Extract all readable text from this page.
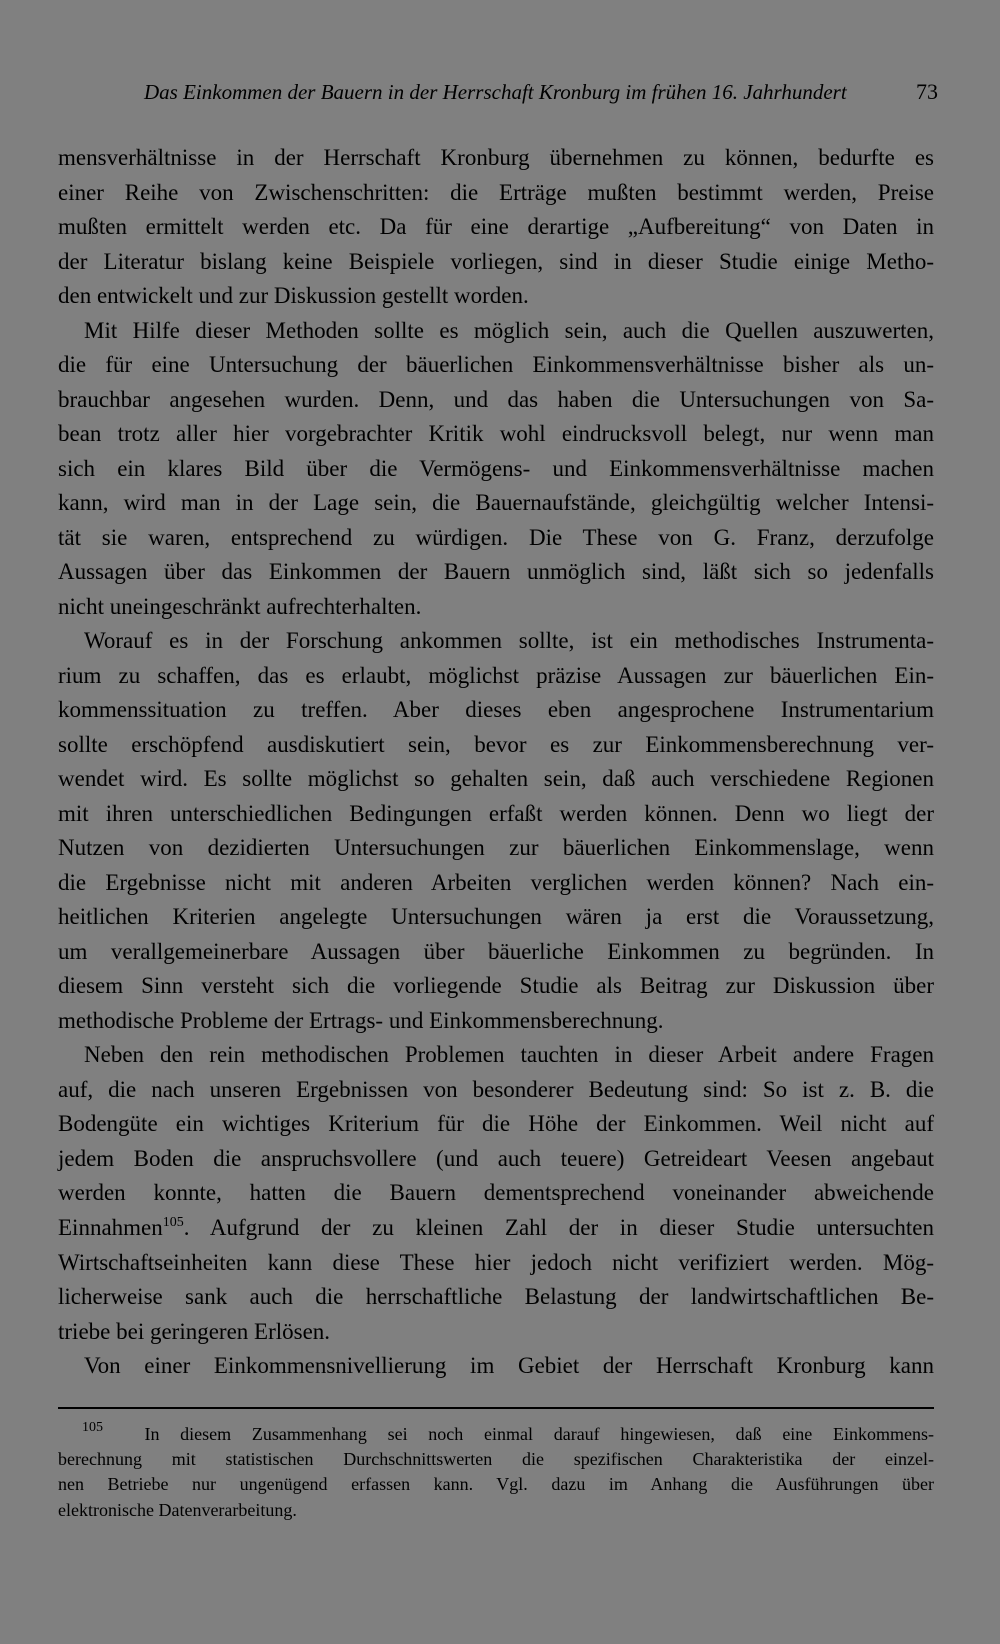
Das Einkommen der Bauern in der Herrschaft Kronburg im frühen 16. Jahrhundert	73
mensverhältnisse in der Herrschaft Kronburg übernehmen zu können, bedurfte es
einer Reihe von Zwischenschritten: die Erträge mußten bestimmt werden, Preise
mußten ermittelt werden etc. Da für eine derartige „Aufbereitung“ von Daten in
der Literatur bislang keine Beispiele vorliegen, sind in dieser Studie einige Metho-
den entwickelt und zur Diskussion gestellt worden.
Mit Hilfe dieser Methoden sollte es möglich sein, auch die Quellen auszuwerten,
die für eine Untersuchung der bäuerlichen Einkommensverhältnisse bisher als un-
brauchbar angesehen wurden. Denn, und das haben die Untersuchungen von Sa-
bean trotz aller hier vorgebrachter Kritik wohl eindrucksvoll belegt, nur wenn man
sich ein klares Bild über die Vermögens- und Einkommensverhältnisse machen
kann, wird man in der Lage sein, die Bauernaufstände, gleichgültig welcher Intensi-
tät sie waren, entsprechend zu würdigen. Die These von G. Franz, derzufolge
Aussagen über das Einkommen der Bauern unmöglich sind, läßt sich so jedenfalls
nicht uneingeschränkt aufrechterhalten.
Worauf es in der Forschung ankommen sollte, ist ein methodisches Instrumenta-
rium zu schaffen, das es erlaubt, möglichst präzise Aussagen zur bäuerlichen Ein-
kommenssituation zu treffen. Aber dieses eben angesprochene Instrumentarium
sollte erschöpfend ausdiskutiert sein, bevor es zur Einkommensberechnung ver-
wendet wird. Es sollte möglichst so gehalten sein, daß auch verschiedene Regionen
mit ihren unterschiedlichen Bedingungen erfaßt werden können. Denn wo liegt der
Nutzen von dezidierten Untersuchungen zur bäuerlichen Einkommenslage, wenn
die Ergebnisse nicht mit anderen Arbeiten verglichen werden können? Nach ein-
heitlichen Kriterien angelegte Untersuchungen wären ja erst die Voraussetzung,
um verallgemeinerbare Aussagen über bäuerliche Einkommen zu begründen. In
diesem Sinn versteht sich die vorliegende Studie als Beitrag zur Diskussion über
methodische Probleme der Ertrags- und Einkommensberechnung.
Neben den rein methodischen Problemen tauchten in dieser Arbeit andere Fragen
auf, die nach unseren Ergebnissen von besonderer Bedeutung sind: So ist z. B. die
Bodengüte ein wichtiges Kriterium für die Höhe der Einkommen. Weil nicht auf
jedem Boden die anspruchsvollere (und auch teuere) Getreideart Veesen angebaut
werden konnte, hatten die Bauern dementsprechend voneinander abweichende
Einnahmen$^{105}$. Aufgrund der zu kleinen Zahl der in dieser Studie untersuchten
Wirtschaftseinheiten kann diese These hier jedoch nicht verifiziert werden. Mög-
licherweise sank auch die herrschaftliche Belastung der landwirtschaftlichen Be-
triebe bei geringeren Erlösen.
Von einer Einkommensnivellierung im Gebiet der Herrschaft Kronburg kann
$^{105}$ In diesem Zusammenhang sei noch einmal darauf hingewiesen, daß eine Einkommens-
berechnung mit statistischen Durchschnittswerten die spezifischen Charakteristika der einzel-
nen Betriebe nur ungenügend erfassen kann. Vgl. dazu im Anhang die Ausführungen über
elektronische Datenverarbeitung.
